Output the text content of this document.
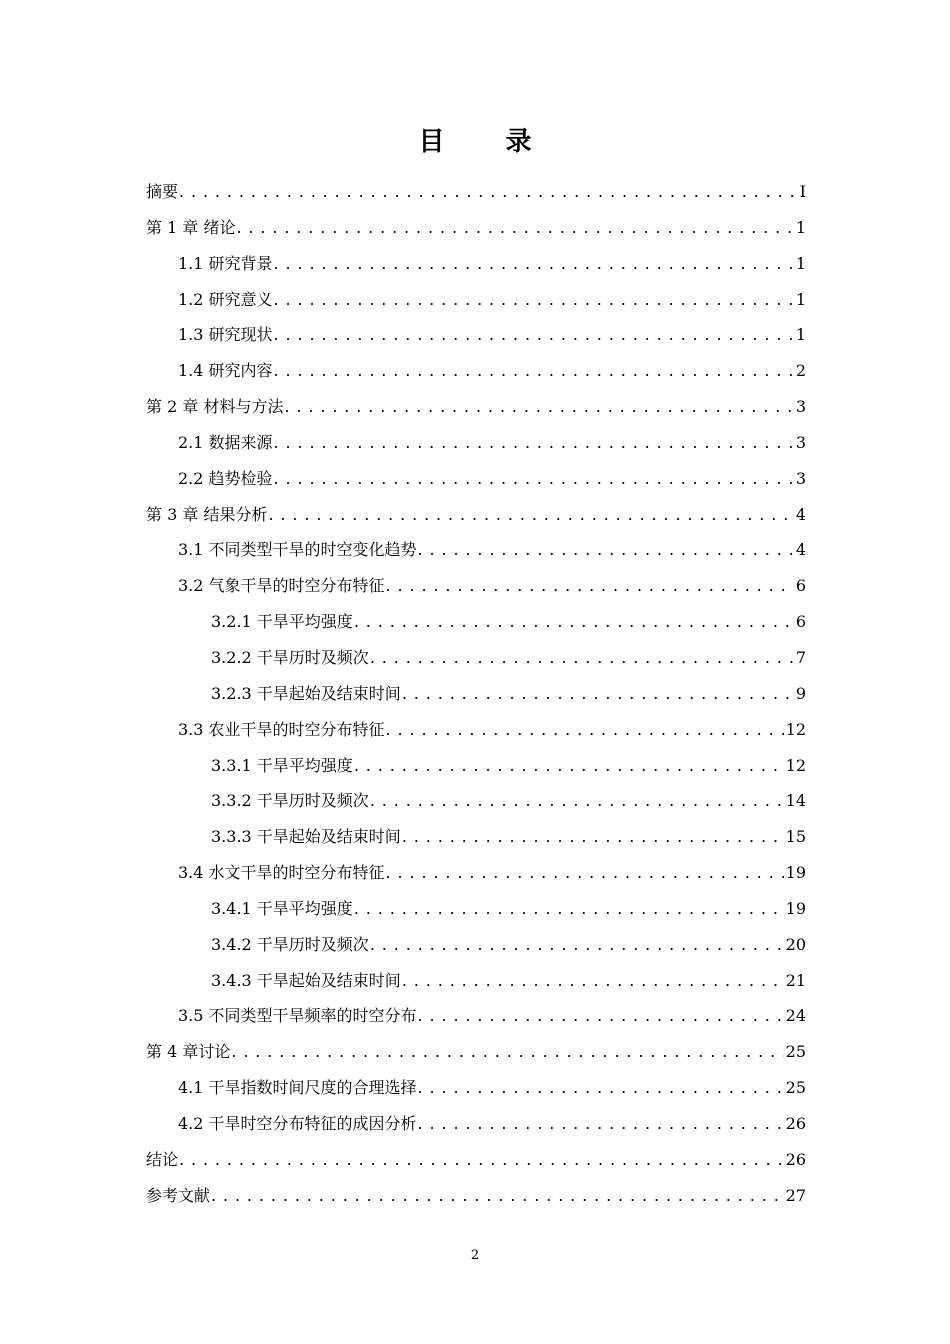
目 录
摘要 . . .	I
第 1 章 绪论 . . .	1
1.1 研究背景 . . .	1
1.2 研究意义 . . .	1
1.3 研究现状 . . .	1
1.4 研究内容 . . .	2
第 2 章 材料与方法 . . .	3
2.1 数据来源 . . .	3
2.2 趋势检验 . . .	3
第 3 章 结果分析 . . .	4
3.1 不同类型干旱的时空变化趋势 . . .	4
3.2 气象干旱的时空分布特征 . . .	6
3.2.1 干旱平均强度 . . .	6
3.2.2 干旱历时及频次 . . .	7
3.2.3 干旱起始及结束时间 . . .	9
3.3 农业干旱的时空分布特征 . . .	12
3.3.1 干旱平均强度 . . .	12
3.3.2 干旱历时及频次 . . .	14
3.3.3 干旱起始及结束时间 . . .	15
3.4 水文干旱的时空分布特征 . . .	19
3.4.1 干旱平均强度 . . .	19
3.4.2 干旱历时及频次 . . .	20
3.4.3 干旱起始及结束时间 . . .	21
3.5 不同类型干旱频率的时空分布 . . .	24
第 4 章讨论 . . .	25
4.1 干旱指数时间尺度的合理选择 . . .	25
4.2 干旱时空分布特征的成因分析 . . .	26
结论 . . .	26
参考文献 . . .	27
2
